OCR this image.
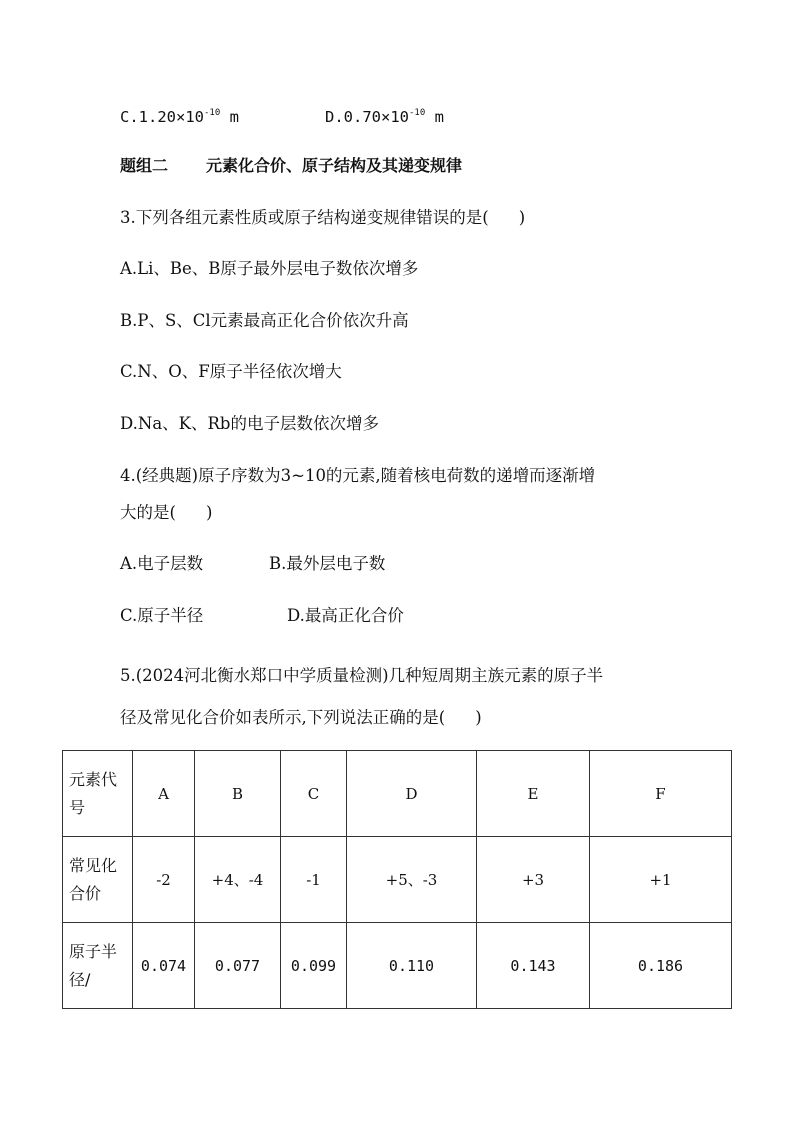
$C.1.20\times 10^{-10}$ m	$D.0.70\times 10^{-10}$ m
题组二 元素化合价、原子结构及其递变规律
3.下列各组元素性质或原子结构递变规律错误的是( )
A.Li、Be、B原子最外层电子数依次增多
B.P、S、Cl元素最高正化合价依次升高
C.N、O、F原子半径依次增大
D.Na、K、Rb的电子层数依次增多
4.(经典题)原子序数为3~10的元素,随着核电荷数的递增而逐渐增
大的是( )
A.电子层数	B.最外层电子数
C.原子半径	D.最高正化合价
5.(2024河北衡水郑口中学质量检测)几种短周期主族元素的原子半
径及常见化合价如表所示,下列说法正确的是( )
元素代
号	A	B	C	D	E	F
常见化
合价	-2	+4、-4	-1	+5、-3	+3	+1
原子半
径/	0.074	0.077	0.099	0.110	0.143	0.186
